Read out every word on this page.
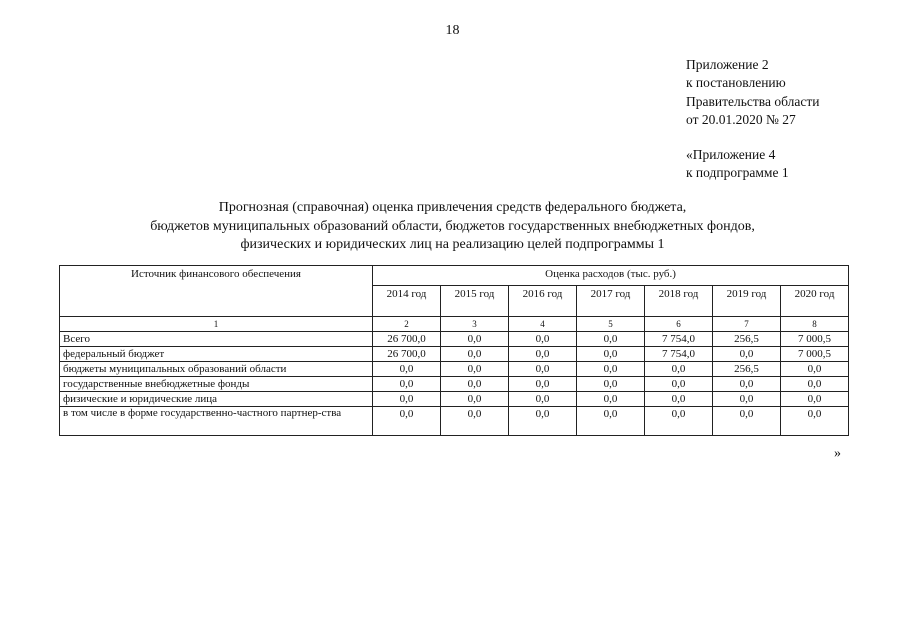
18
Приложение 2
к постановлению
Правительства области
от 20.01.2020 № 27
«Приложение 4
к подпрограмме 1
Прогнозная (справочная) оценка привлечения средств федерального бюджета,
бюджетов муниципальных образований области, бюджетов государственных внебюджетных фондов,
физических и юридических лиц на реализацию целей подпрограммы 1
Источник финансового обеспечения	Оценка расходов (тыс. руб.)						
	2014 год	2015 год	2016 год	2017 год	2018 год	2019 год	2020 год
1	2	3	4	5	6	7	8
Всего	26 700,0	0,0	0,0	0,0	7 754,0	256,5	7 000,5
федеральный бюджет	26 700,0	0,0	0,0	0,0	7 754,0	0,0	7 000,5
бюджеты муниципальных образований области	0,0	0,0	0,0	0,0	0,0	256,5	0,0
государственные внебюджетные фонды	0,0	0,0	0,0	0,0	0,0	0,0	0,0
физические и юридические лица	0,0	0,0	0,0	0,0	0,0	0,0	0,0
в том числе в форме государственно-частного партнер-ства	0,0	0,0	0,0	0,0	0,0	0,0	0,0
»
